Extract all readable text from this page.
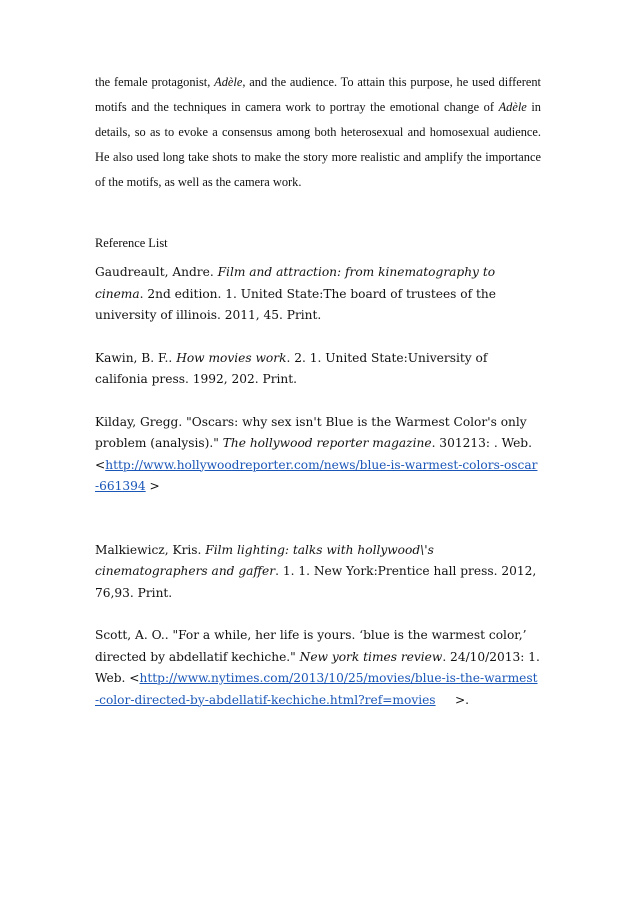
the female protagonist, Adèle, and the audience. To attain this purpose, he used different motifs and the techniques in camera work to portray the emotional change of Adèle in details, so as to evoke a consensus among both heterosexual and homosexual audience. He also used long take shots to make the story more realistic and amplify the importance of the motifs, as well as the camera work.

Reference List

Gaudreault, Andre. Film and attraction: from kinematography to cinema. 2nd edition. 1. United State:The board of trustees of the university of illinois. 2011, 45. Print.

Kawin, B. F.. How movies work. 2. 1. United State:University of califonia press. 1992, 202. Print.

Kilday, Gregg. "Oscars: why sex isn't Blue is the Warmest Color's only problem (analysis)." The hollywood reporter magazine. 301213: . Web. <http://www.hollywoodreporter.com/news/blue-is-warmest-colors-oscar-661394 >

Malkiewicz, Kris. Film lighting: talks with hollywood\'s cinematographers and gaffer. 1. 1. New York:Prentice hall press. 2012, 76,93. Print.

Scott, A. O.. "For a while, her life is yours. ‘blue is the warmest color,’ directed by abdellatif kechiche." New york times review. 24/10/2013: 1. Web. <http://www.nytimes.com/2013/10/25/movies/blue-is-the-warmest-color-directed-by-abdellatif-kechiche.html?ref=movies     >.
